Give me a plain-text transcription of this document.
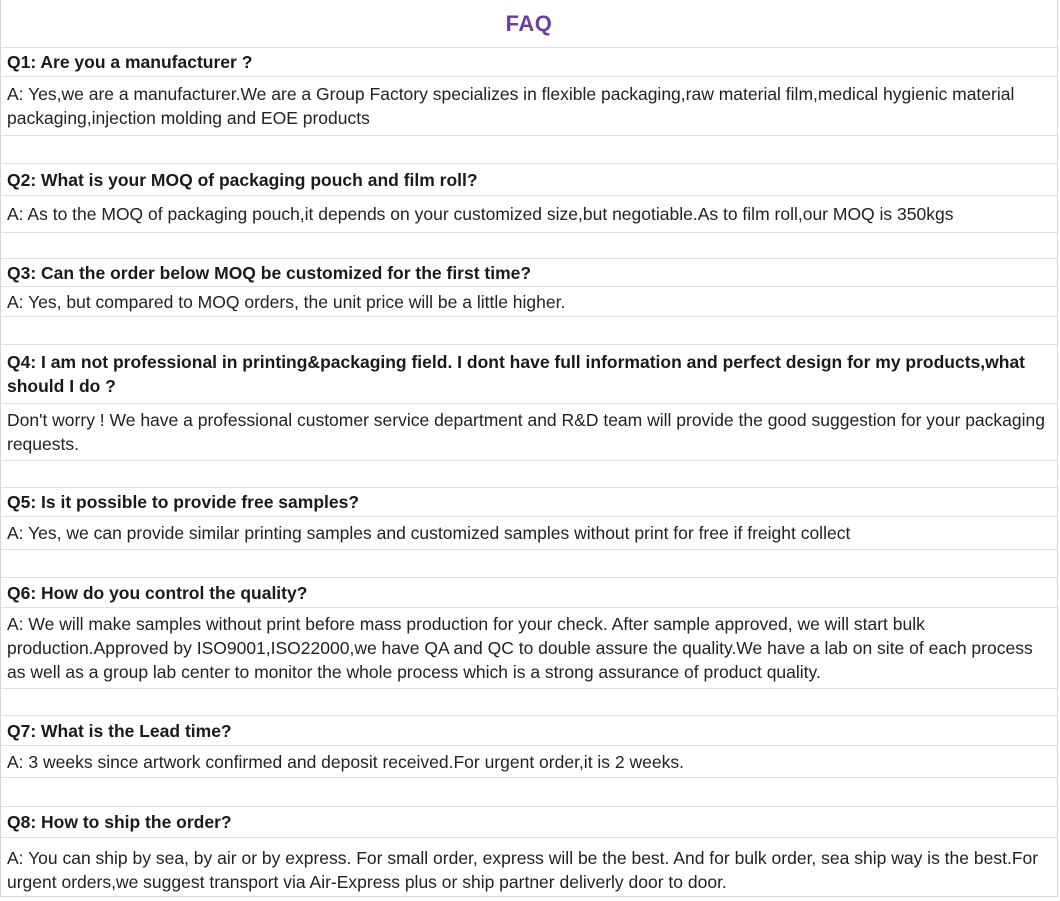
FAQ
Q1: Are you a manufacturer ?
A: Yes,we are a manufacturer.We are a Group Factory specializes in flexible packaging,raw material film,medical hygienic material packaging,injection molding and EOE products
Q2: What is your MOQ of packaging pouch and film roll?
A: As to the MOQ of packaging pouch,it depends on your customized size,but negotiable.As to film roll,our MOQ is 350kgs
Q3: Can the order below MOQ be customized for the first time?
A: Yes, but compared to MOQ orders, the unit price will be a little higher.
Q4: I am not professional in printing&packaging field. I dont have full information and perfect design for my products,what should I do ?
Don't worry ! We have a professional customer service department and R&D team will provide the good suggestion for your packaging requests.
Q5: Is it possible to provide free samples?
A: Yes, we can provide similar printing samples and customized samples without print for free if freight collect
Q6: How do you control the quality?
A: We will make samples without print before mass production for your check. After sample approved, we will start bulk production.Approved by ISO9001,ISO22000,we have QA and QC to double assure the quality.We have a lab on site of each process as well as a group lab center to monitor the whole process which is a strong assurance of product quality.
Q7: What is the Lead time?
A: 3 weeks since artwork confirmed and deposit received.For urgent order,it is 2 weeks.
Q8: How to ship the order?
A: You can ship by sea, by air or by express. For small order, express will be the best. And for bulk order, sea ship way is the best.For urgent orders,we suggest transport via Air-Express plus or ship partner deliverly door to door.
